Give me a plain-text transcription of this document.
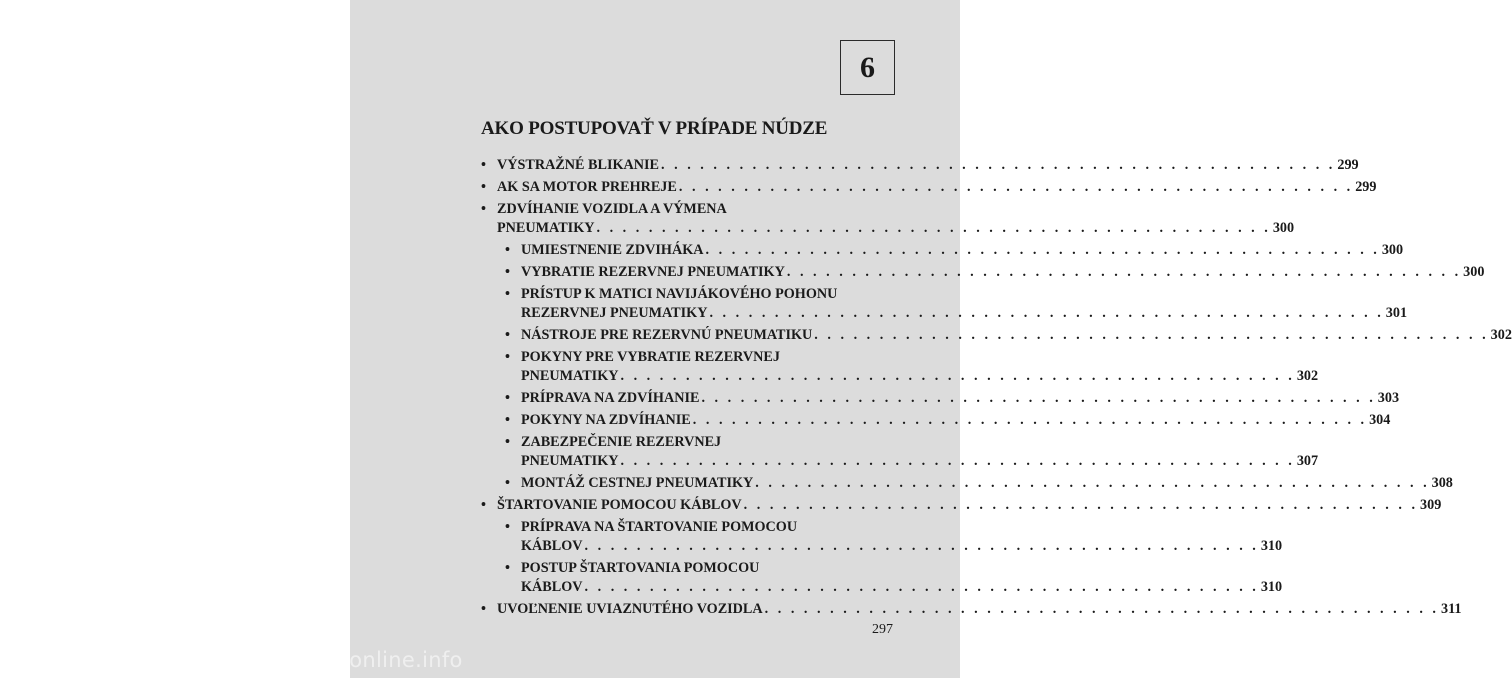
6
AKO POSTUPOVAŤ V PRÍPADE NÚDZE
• VÝSTRAŽNÉ BLIKANIE . . . . . . . . . . . . . . . . . . . . . . . . . . . . . . . . . . . . . . . . . . . . . . . . . . . . 299
• AK SA MOTOR PREHREJE . . . . . . . . . . . . . . . . . . . . . . . . . . . . . . . . . . . . . . . . . . . . . . . . . . . . 299
• ZDVÍHANIE VOZIDLA A VÝMENA
PNEUMATIKY . . . . . . . . . . . . . . . . . . . . . . . . . . . . . . . . . . . . . . . . . . . . . . . . . . . . 300
• UMIESTNENIE ZDVIHÁKA . . . . . . . . . . . . . . . . . . . . . . . . . . . . . . . . . . . . . . . . . . . . . . . . . . . . 300
• VYBRATIE REZERVNEJ PNEUMATIKY . . . . . . . . . . . . . . . . . . . . . . . . . . . . . . . . . . . . . . . . . . . . . . . . . . . . 300
• PRÍSTUP K MATICI NAVIJÁKOVÉHO POHONU
REZERVNEJ PNEUMATIKY . . . . . . . . . . . . . . . . . . . . . . . . . . . . . . . . . . . . . . . . . . . . . . . . . . . . 301
• NÁSTROJE PRE REZERVNÚ PNEUMATIKU . . . . . . . . . . . . . . . . . . . . . . . . . . . . . . . . . . . . . . . . . . . . . . . . . . . . 302
• POKYNY PRE VYBRATIE REZERVNEJ
PNEUMATIKY . . . . . . . . . . . . . . . . . . . . . . . . . . . . . . . . . . . . . . . . . . . . . . . . . . . . 302
• PRÍPRAVA NA ZDVÍHANIE . . . . . . . . . . . . . . . . . . . . . . . . . . . . . . . . . . . . . . . . . . . . . . . . . . . . 303
• POKYNY NA ZDVÍHANIE . . . . . . . . . . . . . . . . . . . . . . . . . . . . . . . . . . . . . . . . . . . . . . . . . . . . 304
• ZABEZPEČENIE REZERVNEJ
PNEUMATIKY . . . . . . . . . . . . . . . . . . . . . . . . . . . . . . . . . . . . . . . . . . . . . . . . . . . . 307
• MONTÁŽ CESTNEJ PNEUMATIKY . . . . . . . . . . . . . . . . . . . . . . . . . . . . . . . . . . . . . . . . . . . . . . . . . . . . 308
• ŠTARTOVANIE POMOCOU KÁBLOV . . . . . . . . . . . . . . . . . . . . . . . . . . . . . . . . . . . . . . . . . . . . . . . . . . . . 309
• PRÍPRAVA NA ŠTARTOVANIE POMOCOU
KÁBLOV . . . . . . . . . . . . . . . . . . . . . . . . . . . . . . . . . . . . . . . . . . . . . . . . . . . . 310
• POSTUP ŠTARTOVANIA POMOCOU
KÁBLOV . . . . . . . . . . . . . . . . . . . . . . . . . . . . . . . . . . . . . . . . . . . . . . . . . . . . 310
• UVOĽNENIE UVIAZNUTÉHO VOZIDLA . . . . . . . . . . . . . . . . . . . . . . . . . . . . . . . . . . . . . . . . . . . . . . . . . . . . 311
297
carmanualsonline.info
